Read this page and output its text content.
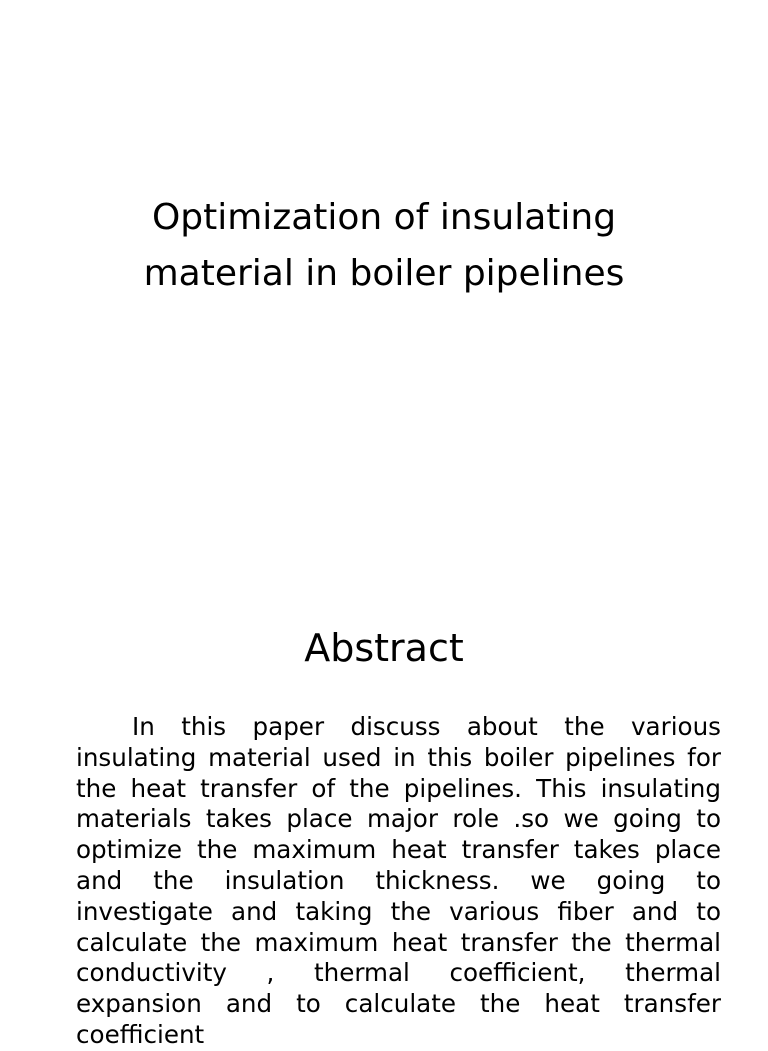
Optimization of insulating
material in boiler pipelines
Abstract
In this paper discuss about the various
insulating material used in this boiler pipelines for
the heat transfer of the pipelines. This insulating
materials takes place major role .so we going to
optimize the maximum heat transfer takes place
and the insulation thickness. we going to
investigate and taking the various fiber and to
calculate the maximum heat transfer the thermal
conductivity , thermal coefficient, thermal
expansion and to calculate the heat transfer
coefficient
